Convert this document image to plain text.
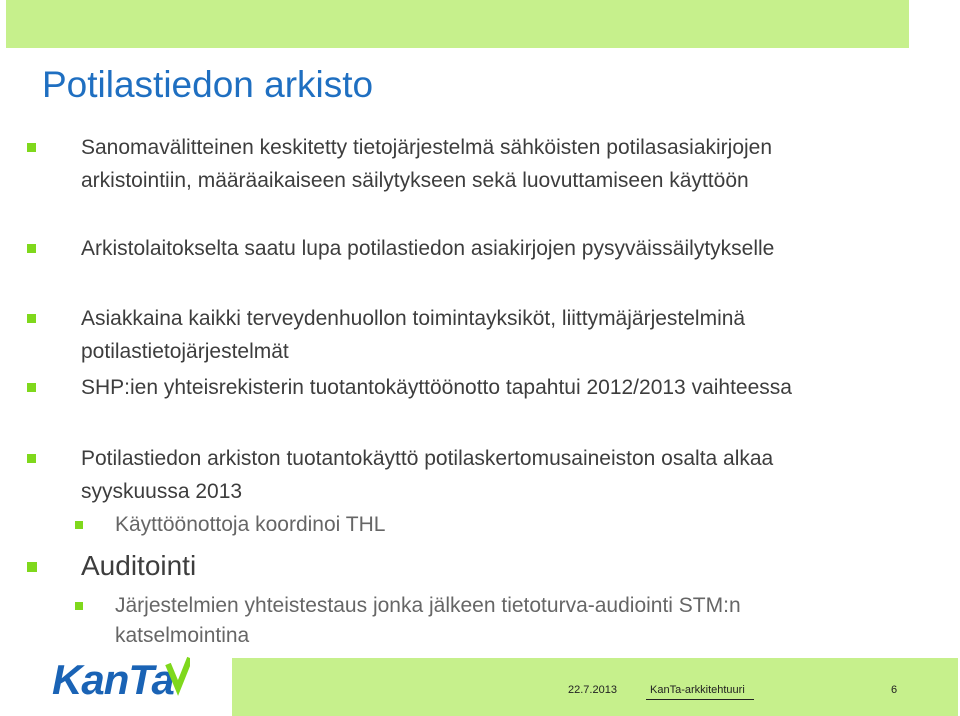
Potilastiedon arkisto
Sanomavälitteinen keskitetty tietojärjestelmä sähköisten potilasasiakirjojen arkistointiin, määräaikaiseen säilytykseen sekä luovuttamiseen käyttöön
Arkistolaitokselta saatu lupa potilastiedon asiakirjojen pysyväissäilytykselle
Asiakkaina kaikki terveydenhuollon toimintayksiköt, liittymäjärjestelminä potilastietojärjestelmät
SHP:ien yhteisrekisterin tuotantokäyttöönotto tapahtui 2012/2013 vaihteessa
Potilastiedon arkiston tuotantokäyttö potilaskertomusaineiston osalta alkaa syyskuussa 2013
Käyttöönottoja koordinoi THL
Auditointi
Järjestelmien yhteistestaus jonka jälkeen tietoturva-audiointi STM:n katselmointina
KanTa	22.7.2013	KanTa-arkkitehtuuri	6
